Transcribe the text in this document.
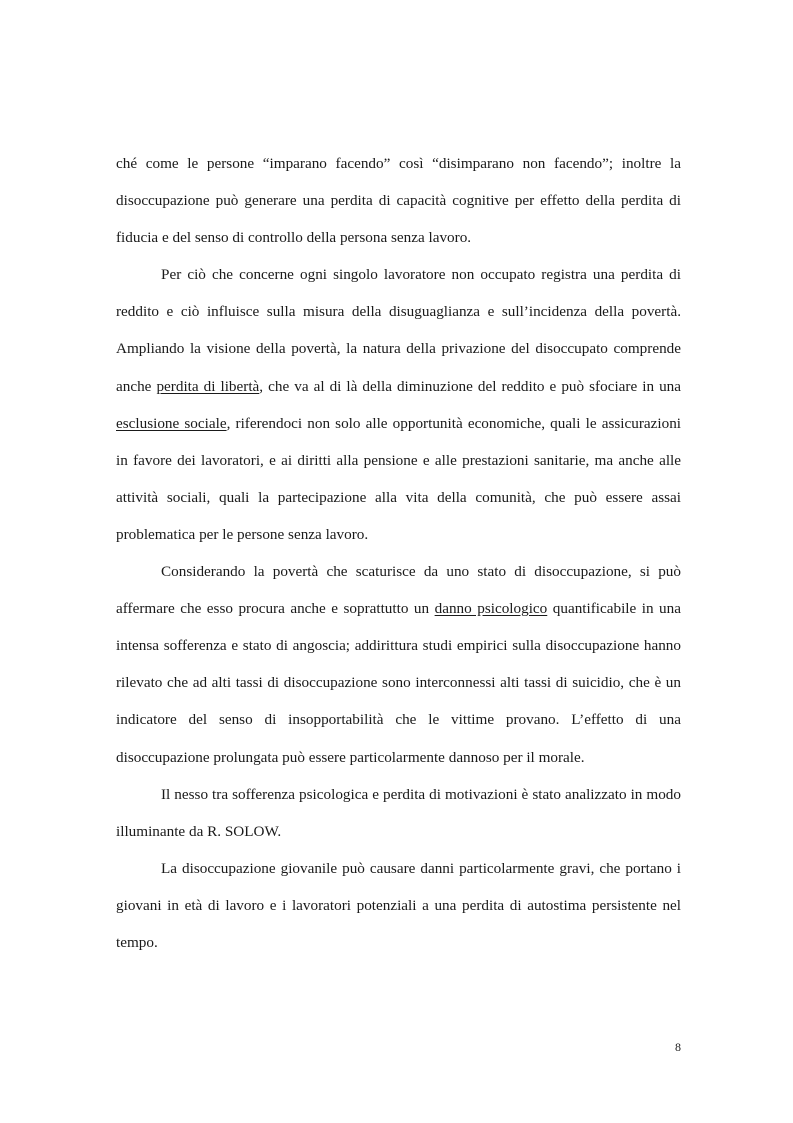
ché come le persone “imparano facendo” così “disimparano non facendo”; inoltre la disoccupazione può generare una perdita di capacità cognitive per effetto della perdita di fiducia e del senso di controllo della persona senza lavoro.

Per ciò che concerne ogni singolo lavoratore non occupato registra una perdita di reddito e ciò influisce sulla misura della disuguaglianza e sull’incidenza della povertà. Ampliando la visione della povertà, la natura della privazione del disoccupato comprende anche perdita di libertà, che va al di là della diminuzione del reddito e può sfociare in una esclusione sociale, riferendoci non solo alle opportunità economiche, quali le assicurazioni in favore dei lavoratori, e ai diritti alla pensione e alle prestazioni sanitarie, ma anche alle attività sociali, quali la partecipazione alla vita della comunità, che può essere assai problematica per le persone senza lavoro.

Considerando la povertà che scaturisce da uno stato di disoccupazione, si può affermare che esso procura anche e soprattutto un danno psicologico quantificabile in una intensa sofferenza e stato di angoscia; addirittura studi empirici sulla disoccupazione hanno rilevato che ad alti tassi di disoccupazione sono interconnessi alti tassi di suicidio, che è un indicatore del senso di insopportabilità che le vittime provano. L’effetto di una disoccupazione prolungata può essere particolarmente dannoso per il morale.

Il nesso tra sofferenza psicologica e perdita di motivazioni è stato analizzato in modo illuminante da R. SOLOW.

La disoccupazione giovanile può causare danni particolarmente gravi, che portano i giovani in età di lavoro e i lavoratori potenziali a una perdita di autostima persistente nel tempo.

8
